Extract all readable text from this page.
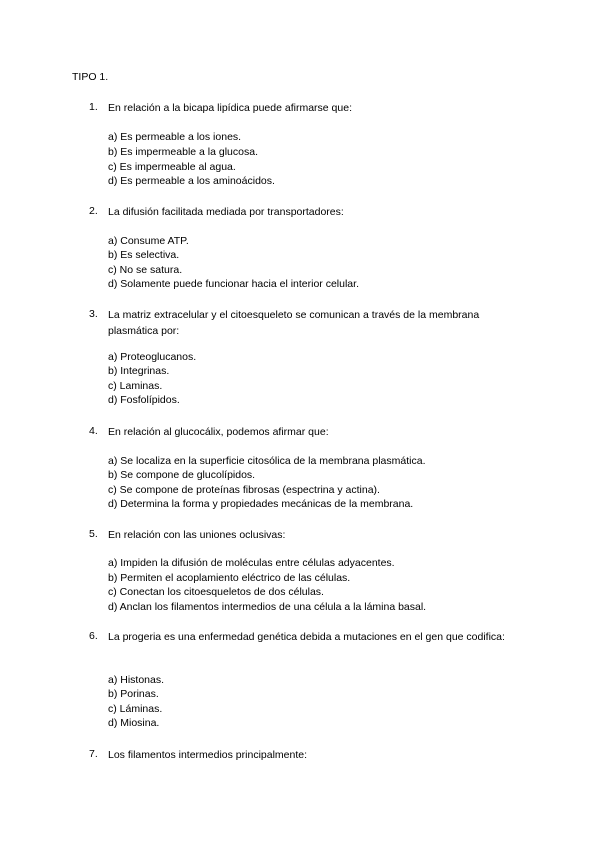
TIPO 1.
1. En relación a la bicapa lipídica puede afirmarse que:
a) Es permeable a los iones.
b) Es impermeable a la glucosa.
c) Es impermeable al agua.
d) Es permeable a los aminoácidos.
2. La difusión facilitada mediada por transportadores:
a) Consume ATP.
b) Es selectiva.
c) No se satura.
d) Solamente puede funcionar hacia el interior celular.
3. La matriz extracelular y el citoesqueleto se comunican a través de la membrana plasmática por:
a) Proteoglucanos.
b) Integrinas.
c) Laminas.
d) Fosfolípidos.
4. En relación al glucocálix, podemos afirmar que:
a) Se localiza en la superficie citosólica de la membrana plasmática.
b) Se compone de glucolípidos.
c) Se compone de proteínas fibrosas (espectrina y actina).
d) Determina la forma y propiedades mecánicas de la membrana.
5. En relación con las uniones oclusivas:
a) Impiden la difusión de moléculas entre células adyacentes.
b) Permiten el acoplamiento eléctrico de las células.
c) Conectan los citoesqueletos de dos células.
d) Anclan los filamentos intermedios de una célula a la lámina basal.
6. La progeria es una enfermedad genética debida a mutaciones en el gen que codifica:
a) Histonas.
b) Porinas.
c) Láminas.
d) Miosina.
7. Los filamentos intermedios principalmente:
